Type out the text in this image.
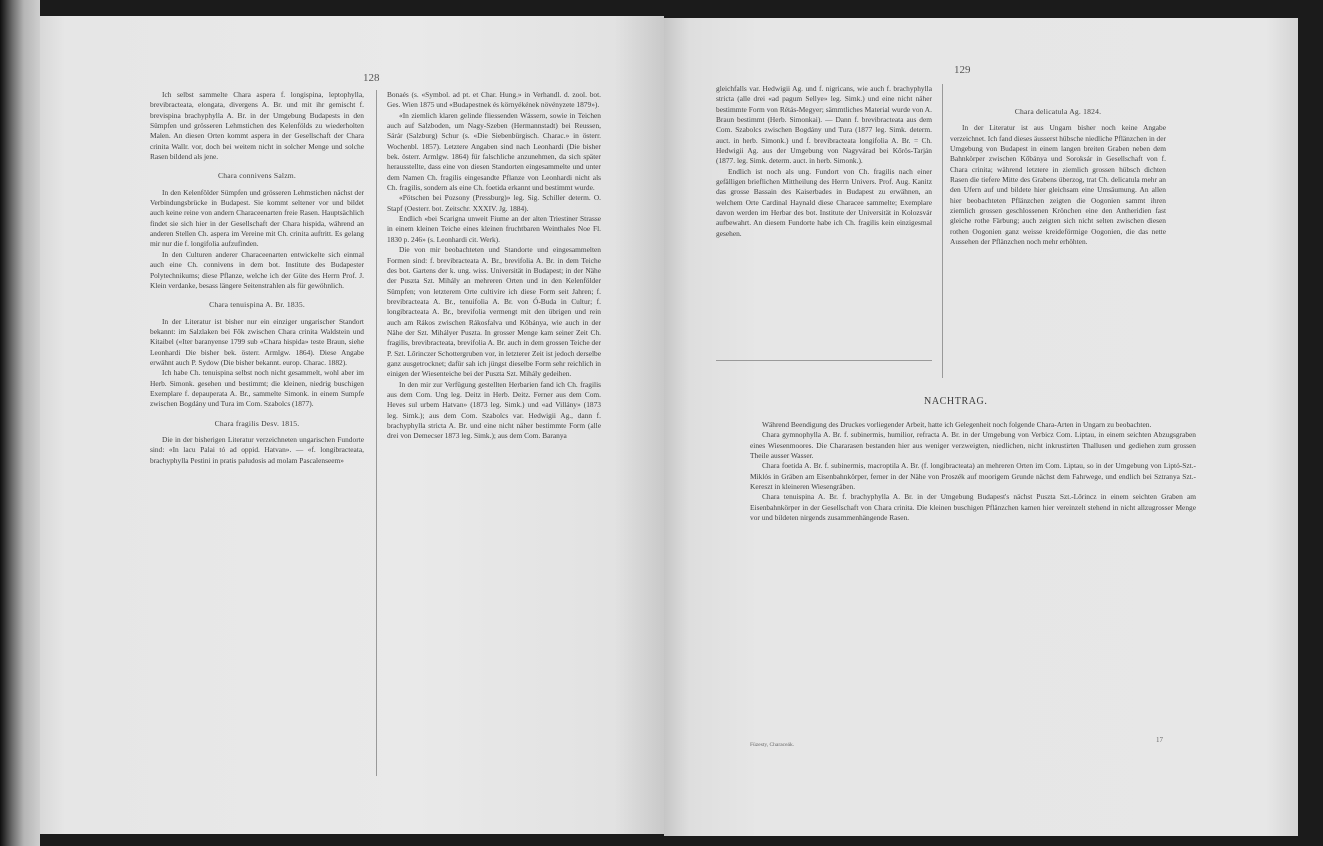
128

Ich selbst sammelte Chara aspera f. longispina, leptophylla, brevibracteata, elongata, divergens A. Br. und mit ihr gemischt f. brevispina brachyphylla A. Br. in der Umgebung Budapests in den Sümpfen und grösseren Lehmstichen des Kelenfölds zu wiederholten Malen. An diesen Orten kommt aspera in der Gesellschaft der Chara crinita Wallr. vor, doch bei weitem nicht in solcher Menge und solche Rasen bildend als jene.

Chara connivens Salzm.

In den Kelenfölder Sümpfen und grösseren Lehmstichen nächst der Verbindungsbrücke in Budapest. Sie kommt seltener vor und bildet auch keine reine von andern Characeenarten freie Rasen. Hauptsächlich findet sie sich hier in der Gesellschaft der Chara hispida, während an anderen Stellen Ch. aspera im Vereine mit Ch. crinita auftritt. Es gelang mir nur die f. longifolia aufzufinden.

In den Culturen anderer Characeenarten entwickelte sich einmal auch eine Ch. connivens in dem bot. Institute des Budapester Polytechnikums; diese Pflanze, welche ich der Güte des Herrn Prof. J. Klein verdanke, besass längere Seitenstrahlen als für gewöhnlich.

Chara tenuispina A. Br. 1835.

In der Literatur ist bisher nur ein einziger ungarischer Standort bekannt: im Salzlaken bei Fők zwischen Chara crinita Waldstein und Kitaibel («Iter baranyense 1799 sub «Chara hispida» teste Braun, siehe Leonhardi Die bisher bek. österr. Armlgw. 1864). Diese Angabe erwähnt auch P. Sydow (Die bisher bekannt. europ. Charac. 1882).

Ich habe Ch. tenuispina selbst noch nicht gesammelt, wohl aber im Herb. Simonk. gesehen und bestimmt; die kleinen, niedrig buschigen Exemplare f. depauperata A. Br., sammelte Simonk. in einem Sumpfe zwischen Bogdány und Tura im Com. Szabolcs (1877).

Chara fragilis Desv. 1815.

Die in der bisherigen Literatur verzeichneten ungarischen Fundorte sind: «In lacu Palai tó ad oppid. Hatvan». — «f. longibracteata, brachyphylla Pestini in pratis paludosis ad molam Pascalenseem»

Bonaés (s. «Symbol. ad pt. et Char. Hung.» in Verhandl. d. zool. bot. Ges. Wien 1875 und «Budapestnek és környékének növényzete 1879»).

«In ziemlich klaren gelinde fliessenden Wässern, sowie in Teichen auch auf Salzboden, um Nagy-Szeben (Hermannstadt) bei Reussen, Sárár (Salzburg) Schur (s. «Die Siebenbürgisch. Charac.» in österr. Wochenbl. 1857). Letztere Angaben sind nach Leonhardi (Die bisher bek. österr. Armlgw. 1864) für falschliche anzunehmen, da sich später herausstellte, dass eine von diesen Standorten eingesammelte und unter dem Namen Ch. fragilis eingesandte Pflanze von Leonhardi nicht als Ch. fragilis, sondern als eine Ch. foetida erkannt und bestimmt wurde.

«Pötschen bei Pozsony (Pressburg)» leg. Sig. Schiller determ. O. Stapf (Oesterr. bot. Zeitschr. XXXIV. Jg. 1884).

Endlich «bei Scarigna unweit Fiume an der alten Triestiner Strasse in einem kleinen Teiche eines kleinen fruchtbaren Weinthales Noe Fl. 1830 p. 246» (s. Leonhardi cit. Werk).

Die von mir beobachteten und Standorte und eingesammelten Formen sind: f. brevibracteata A. Br., brevifolia A. Br. in dem Teiche des bot. Gartens der k. ung. wiss. Universität in Budapest; in der Nähe der Puszta Szt. Mihály an mehreren Orten und in den Kelenfölder Sümpfen; von letzterem Orte cultivire ich diese Form seit Jahren; f. brevibracteata A. Br., tenuifolia A. Br. von Ó-Buda in Cultur; f. longibracteata A. Br., brevifolia vermengt mit den übrigen und rein auch am Rákos zwischen Rákosfalva und Kőbánya, wie auch in der Nähe der Szt. Mihályer Puszta. In grosser Menge kam seiner Zeit Ch. fragilis, brevibracteata, brevifolia A. Br. auch in dem grossen Teiche der P. Szt. Lőrinczer Schottergruben vor, in letzterer Zeit ist jedoch derselbe ganz ausgetrocknet; dafür sah ich jüngst dieselbe Form sehr reichlich in einigen der Wiesenteiche bei der Puszta Szt. Mihály gedeihen.

In den mir zur Verfügung gestellten Herbarien fand ich Ch. fragilis aus dem Com. Ung leg. Deitz in Herb. Deitz. Ferner aus dem Com. Heves sul urbem Hatvan» (1873 leg. Simk.) und «ad Villány» (1873 leg. Simk.); aus dem Com. Szabolcs var. Hedwigii Ag., dann f. brachyphylla stricta A. Br. und eine nicht näher bestimmte Form (alle drei von Demecser 1873 leg. Simk.); aus dem Com. Baranya

129

gleichfalls var. Hedwigii Ag. und f. nigricans, wie auch f. brachyphylla stricta (alle drei «ad pagum Sellye» leg. Simk.) und eine nicht näher bestimmte Form von Rétás-Megyer; sämmtliches Material wurde von A. Braun bestimmt (Herb. Simonkai). — Dann f. brevibracteata aus dem Com. Szabolcs zwischen Bogdány und Tura (1877 leg. Simk. determ. auct. in herb. Simonk.) und f. brevibracteata longifolia A. Br. = Ch. Hedwigii Ag. aus der Umgebung von Nagyvárad bei Kőrös-Tarján (1877. leg. Simk. determ. auct. in herb. Simonk.).

Endlich ist noch als ung. Fundort von Ch. fragilis nach einer gefälligen brieflichen Mittheilung des Herrn Univers. Prof. Aug. Kanitz das grosse Bassain des Kaiserbades in Budapest zu erwähnen, an welchem Orte Cardinal Haynald diese Characee sammelte; Exemplare davon werden im Herbar des bot. Institute der Universität in Kolozsvár aufbewahrt. An diesem Fundorte habe ich Ch. fragilis kein einzigesmal gesehen.

Chara delicatula Ag. 1824.

In der Literatur ist aus Ungarn bisher noch keine Angabe verzeichnet. Ich fand dieses äusserst hübsche niedliche Pflänzchen in der Umgebung von Budapest in einem langen breiten Graben neben dem Bahnkörper zwischen Kőbánya und Soroksár in Gesellschaft von f. Chara crinita; während letztere in ziemlich grossen hübsch dichten Rasen die tiefere Mitte des Grabens überzog, trat Ch. delicatula mehr an den Ufern auf und bildete hier gleichsam eine Umsäumung. An allen hier beobachteten Pflänzchen zeigten die Oogonien sammt ihren ziemlich grossen geschlossenen Krönchen eine den Antheridien fast gleiche rothe Färbung; auch zeigten sich nicht selten zwischen diesen rothen Oogonien ganz weisse kreideförmige Oogonien, die das nette Aussehen der Pflänzchen noch mehr erhöhten.

NACHTRAG.

Während Beendigung des Druckes vorliegender Arbeit, hatte ich Gelegenheit noch folgende Chara-Arten in Ungarn zu beobachten.

Chara gymnophylla A. Br. f. subinermis, humilior, refracta A. Br. in der Umgebung von Verbicz Com. Liptau, in einem seichten Abzugsgraben eines Wiesenmoores. Die Chararasen bestanden hier aus weniger verzweigten, niedlichen, nicht inkrustirten Thallusen und gediehen zum grossen Theile ausser Wasser.

Chara foetida A. Br. f. subinermis, macroptila A. Br. (f. longibracteata) an mehreren Orten im Com. Liptau, so in der Umgebung von Liptó-Szt.-Miklós in Gräben am Eisenbahnkörper, ferner in der Nähe von Proszék auf moorigem Grunde nächst dem Fahrwege, und endlich bei Sztranya Szt.-Kereszt in kleineren Wiesengräben.

Chara tenuispina A. Br. f. brachyphylla A. Br. in der Umgebung Budapest's nächst Puszta Szt.-Lőrincz in einem seichten Graben am Eisenbahnkörper in der Gesellschaft von Chara crinita. Die kleinen buschigen Pflänzchen kamen hier vereinzelt stehend in nicht allzugrosser Menge vor und bildeten nirgends zusammenhängende Rasen.

Füzesty, Characeák.
17
